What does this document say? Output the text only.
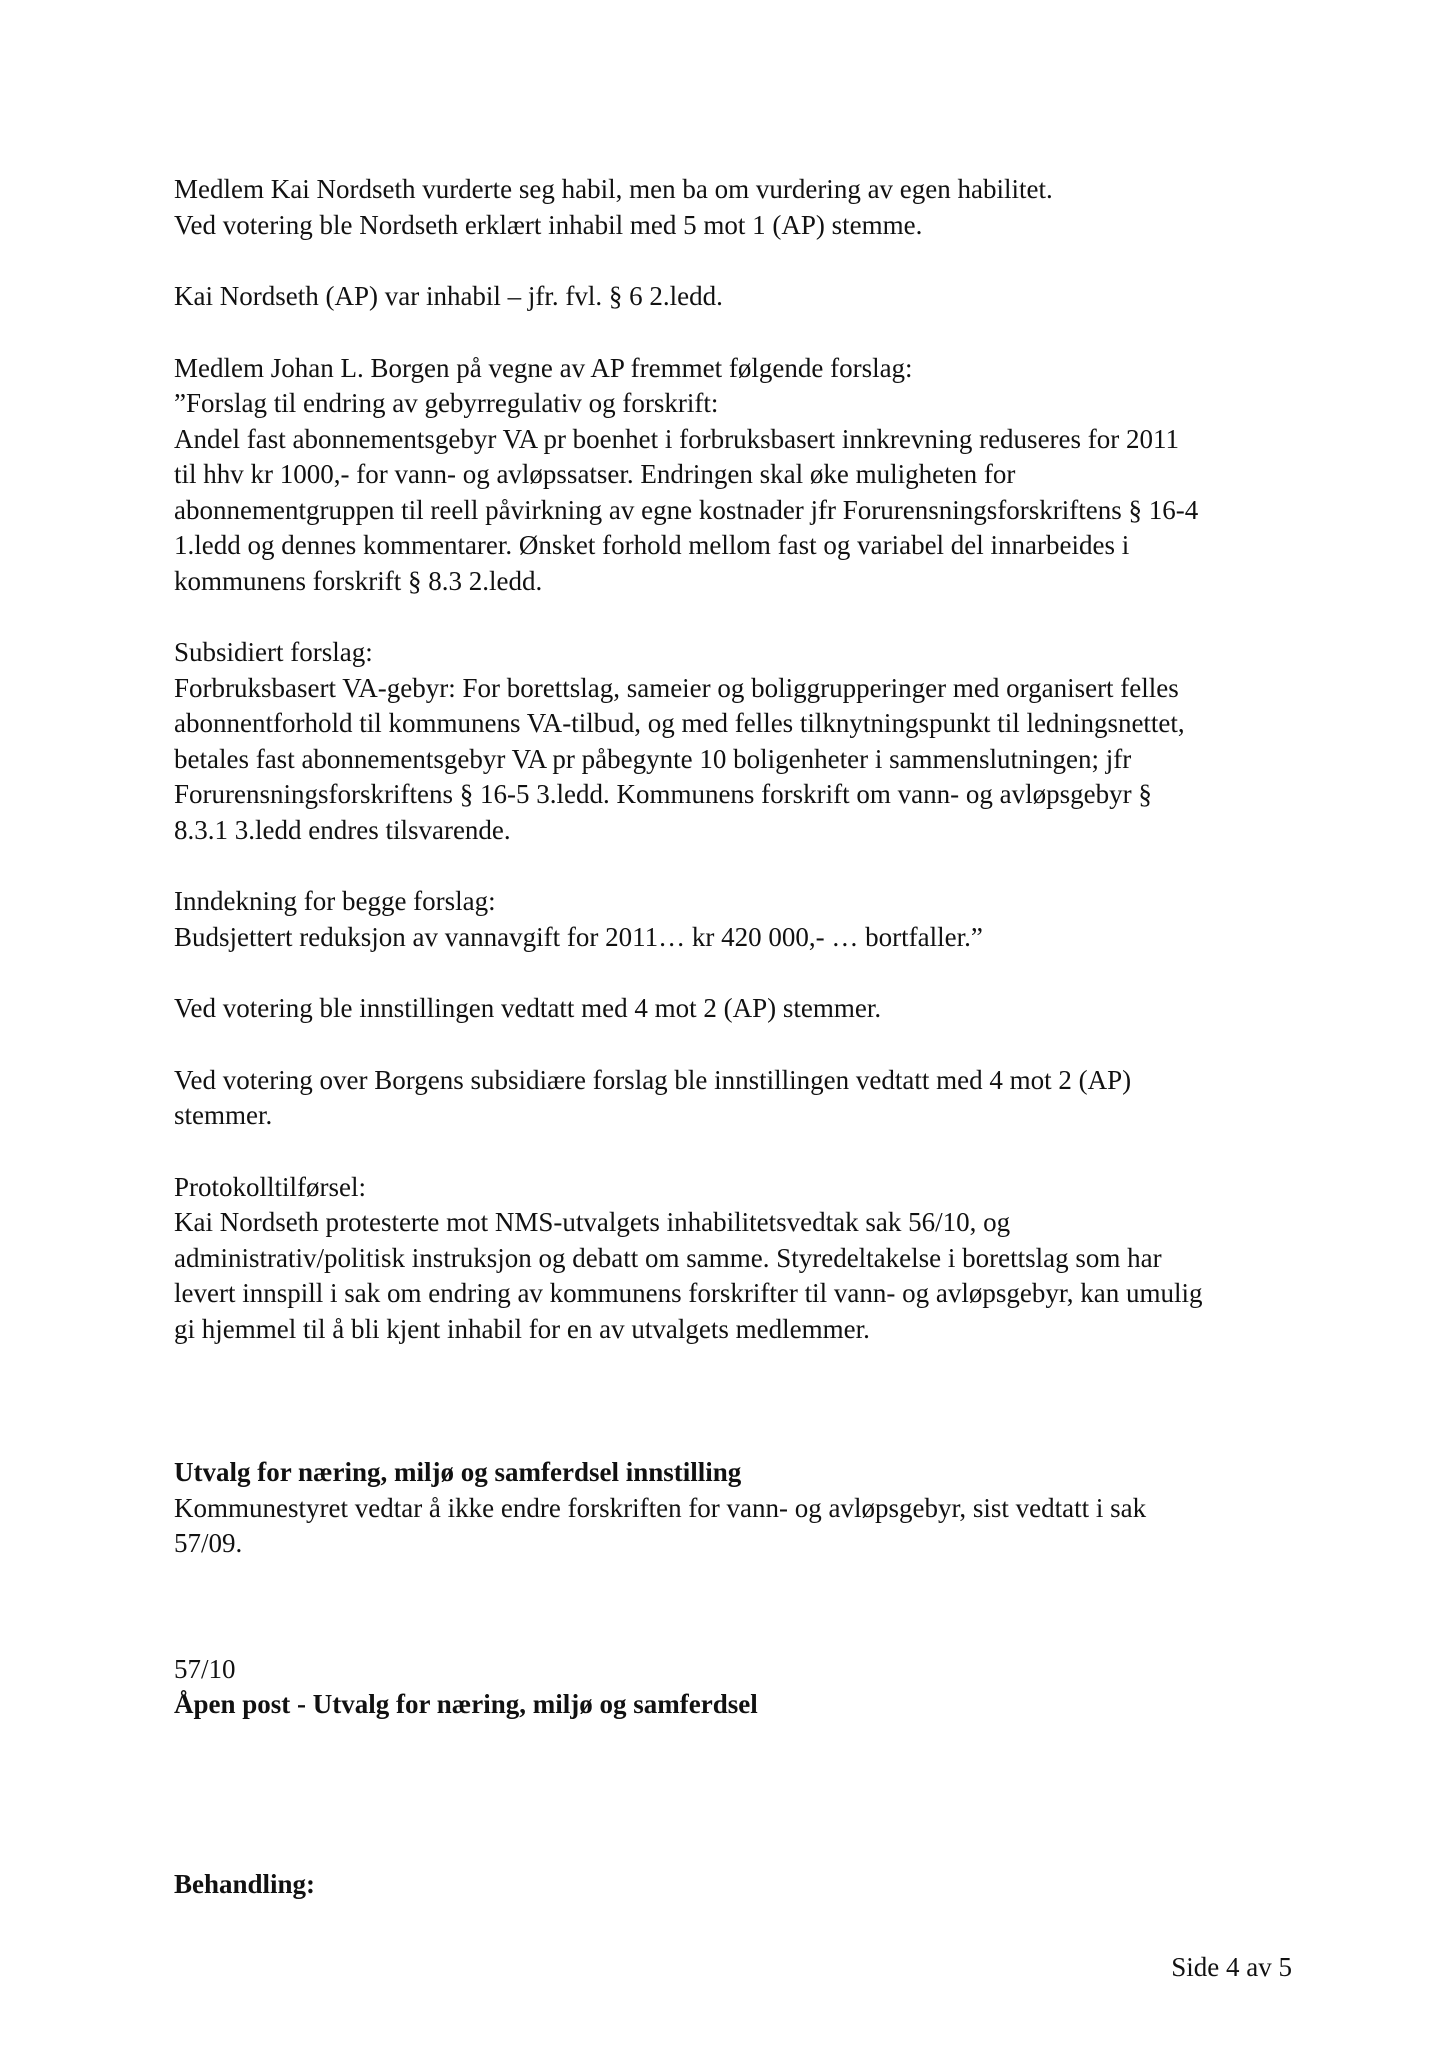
Medlem Kai Nordseth vurderte seg habil, men ba om vurdering av egen habilitet.
Ved votering ble Nordseth erklært inhabil med 5 mot 1 (AP) stemme.
Kai Nordseth (AP) var inhabil – jfr. fvl. § 6 2.ledd.
Medlem Johan L. Borgen på vegne av AP fremmet følgende forslag:
”Forslag til endring av gebyrregulativ og forskrift:
Andel fast abonnementsgebyr VA pr boenhet i forbruksbasert innkrevning reduseres for 2011
til hhv kr 1000,- for vann- og avløpssatser. Endringen skal øke muligheten for
abonnementgruppen til reell påvirkning av egne kostnader jfr Forurensningsforskriftens § 16-4
1.ledd og dennes kommentarer. Ønsket forhold mellom fast og variabel del innarbeides i
kommunens forskrift § 8.3 2.ledd.
Subsidiert forslag:
Forbruksbasert VA-gebyr: For borettslag, sameier og boliggrupperinger med organisert felles
abonnentforhold til kommunens VA-tilbud, og med felles tilknytningspunkt til ledningsnettet,
betales fast abonnementsgebyr VA pr påbegynte 10 boligenheter i sammenslutningen; jfr
Forurensningsforskriftens § 16-5 3.ledd. Kommunens forskrift om vann- og avløpsgebyr §
8.3.1 3.ledd endres tilsvarende.
Inndekning for begge forslag:
Budsjettert reduksjon av vannavgift for 2011… kr 420 000,- … bortfaller.”
Ved votering ble innstillingen vedtatt med 4 mot 2 (AP) stemmer.
Ved votering over Borgens subsidiære forslag ble innstillingen vedtatt med 4 mot 2 (AP)
stemmer.
Protokolltilførsel:
Kai Nordseth protesterte mot NMS-utvalgets inhabilitetsvedtak sak 56/10, og
administrativ/politisk instruksjon og debatt om samme. Styredeltakelse i borettslag som har
levert innspill i sak om endring av kommunens forskrifter til vann- og avløpsgebyr, kan umulig
gi hjemmel til å bli kjent inhabil for en av utvalgets medlemmer.
Utvalg for næring, miljø og samferdsel innstilling
Kommunestyret vedtar å ikke endre forskriften for vann- og avløpsgebyr, sist vedtatt i sak
57/09.
57/10
Åpen post - Utvalg for næring, miljø og samferdsel
Behandling:
Side 4 av 5
